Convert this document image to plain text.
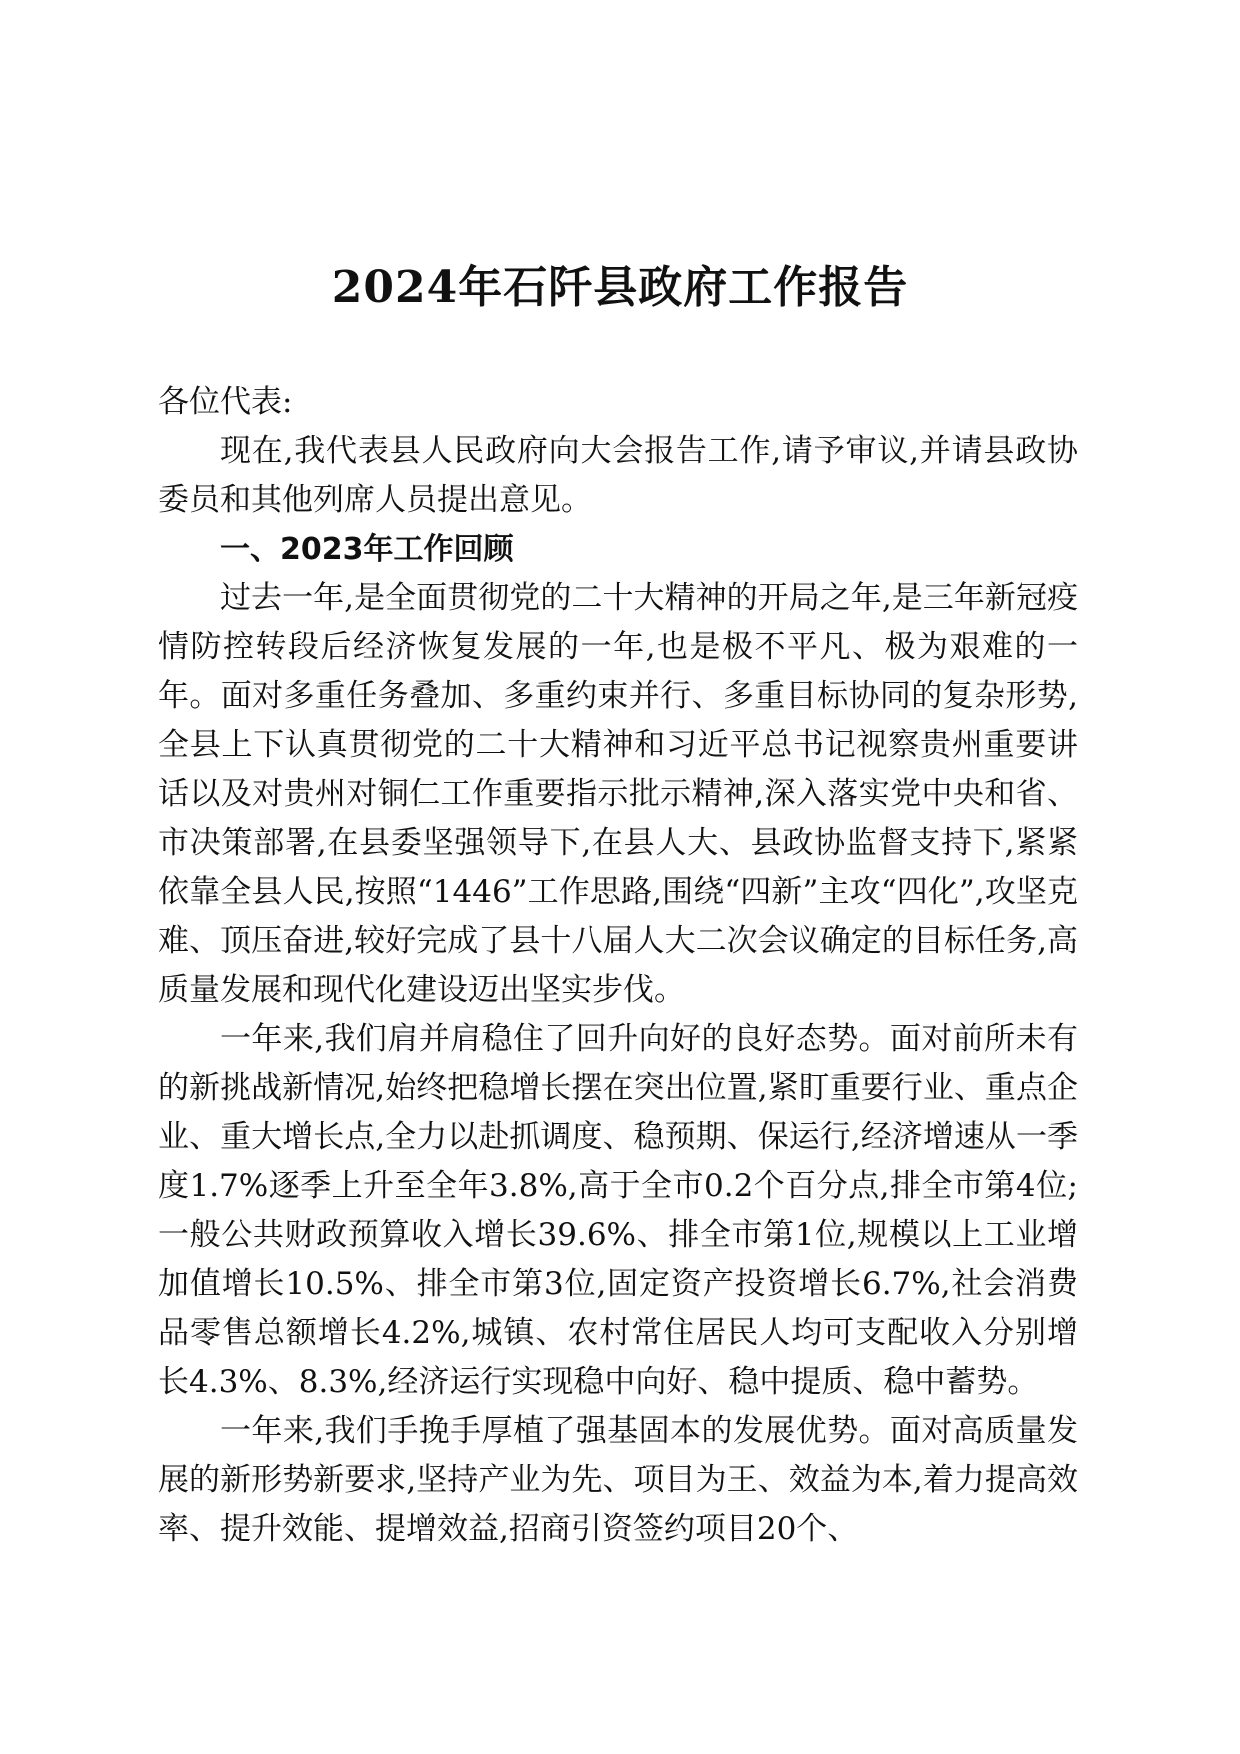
2024年石阡县政府工作报告

各位代表:

现在,我代表县人民政府向大会报告工作,请予审议,并请县政协委员和其他列席人员提出意见。

一、2023年工作回顾

过去一年,是全面贯彻党的二十大精神的开局之年,是三年新冠疫情防控转段后经济恢复发展的一年,也是极不平凡、极为艰难的一年。面对多重任务叠加、多重约束并行、多重目标协同的复杂形势,全县上下认真贯彻党的二十大精神和习近平总书记视察贵州重要讲话以及对贵州对铜仁工作重要指示批示精神,深入落实党中央和省、市决策部署,在县委坚强领导下,在县人大、县政协监督支持下,紧紧依靠全县人民,按照“1446”工作思路,围绕“四新”主攻“四化”,攻坚克难、顶压奋进,较好完成了县十八届人大二次会议确定的目标任务,高质量发展和现代化建设迈出坚实步伐。

一年来,我们肩并肩稳住了回升向好的良好态势。面对前所未有的新挑战新情况,始终把稳增长摆在突出位置,紧盯重要行业、重点企业、重大增长点,全力以赴抓调度、稳预期、保运行,经济增速从一季度1.7%逐季上升至全年3.8%,高于全市0.2个百分点,排全市第4位;一般公共财政预算收入增长39.6%、排全市第1位,规模以上工业增加值增长10.5%、排全市第3位,固定资产投资增长6.7%,社会消费品零售总额增长4.2%,城镇、农村常住居民人均可支配收入分别增长4.3%、8.3%,经济运行实现稳中向好、稳中提质、稳中蓄势。

一年来,我们手挽手厚植了强基固本的发展优势。面对高质量发展的新形势新要求,坚持产业为先、项目为王、效益为本,着力提高效率、提升效能、提增效益,招商引资签约项目20个、
